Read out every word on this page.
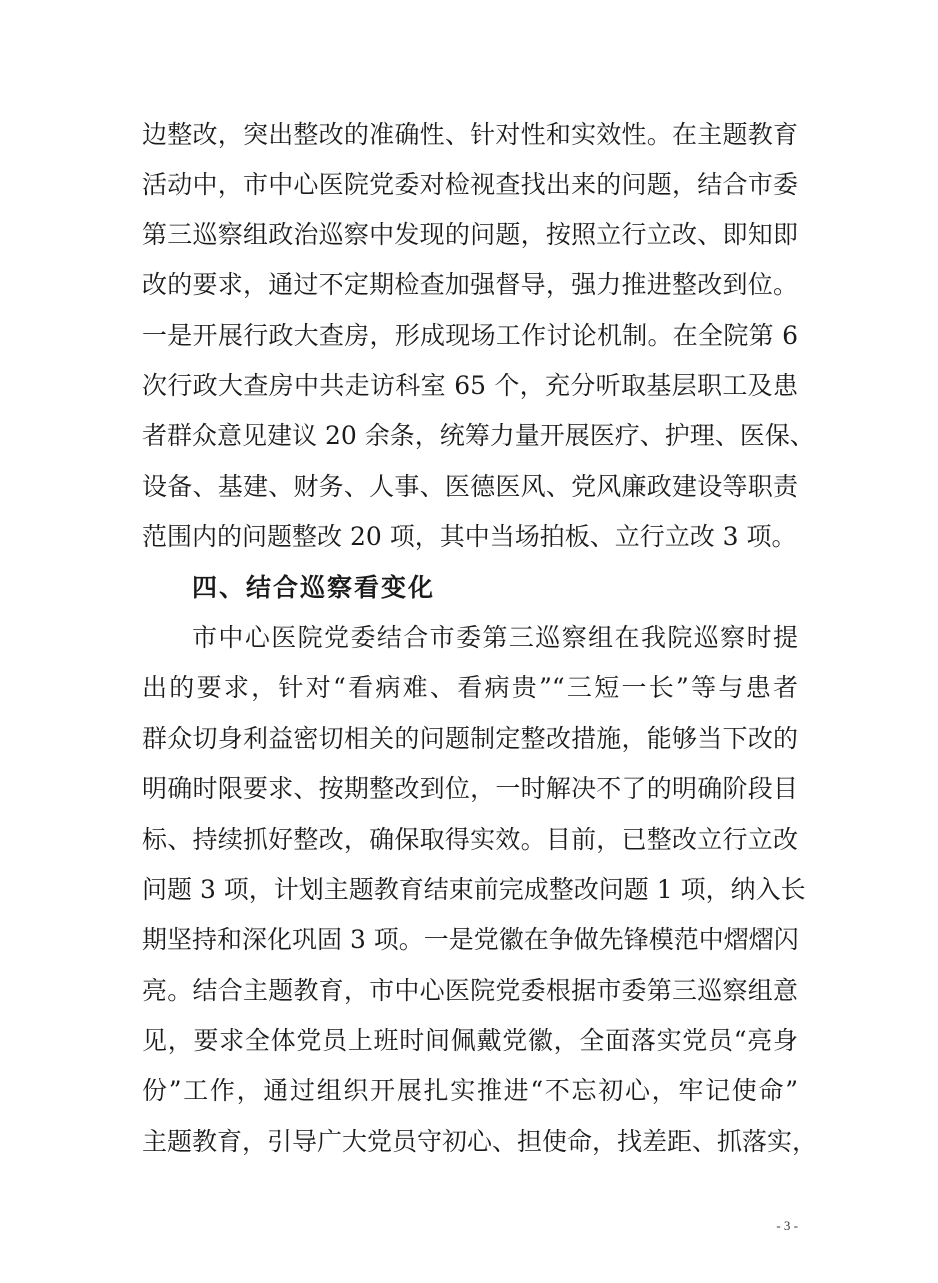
边整改，突出整改的准确性、针对性和实效性。在主题教育
活动中，市中心医院党委对检视查找出来的问题，结合市委
第三巡察组政治巡察中发现的问题，按照立行立改、即知即
改的要求，通过不定期检查加强督导，强力推进整改到位。
一是开展行政大查房，形成现场工作讨论机制。在全院第 6
次行政大查房中共走访科室 65 个，充分听取基层职工及患
者群众意见建议 20 余条，统筹力量开展医疗、护理、医保、
设备、基建、财务、人事、医德医风、党风廉政建设等职责
范围内的问题整改 20 项，其中当场拍板、立行立改 3 项。
四、结合巡察看变化
市中心医院党委结合市委第三巡察组在我院巡察时提
出的要求，针对“看病难、看病贵”“三短一长”等与患者
群众切身利益密切相关的问题制定整改措施，能够当下改的
明确时限要求、按期整改到位，一时解决不了的明确阶段目
标、持续抓好整改，确保取得实效。目前，已整改立行立改
问题 3 项，计划主题教育结束前完成整改问题 1 项，纳入长
期坚持和深化巩固 3 项。一是党徽在争做先锋模范中熠熠闪
亮。结合主题教育，市中心医院党委根据市委第三巡察组意
见，要求全体党员上班时间佩戴党徽，全面落实党员“亮身
份”工作，通过组织开展扎实推进“不忘初心，牢记使命”
主题教育，引导广大党员守初心、担使命，找差距、抓落实，
- 3 -
